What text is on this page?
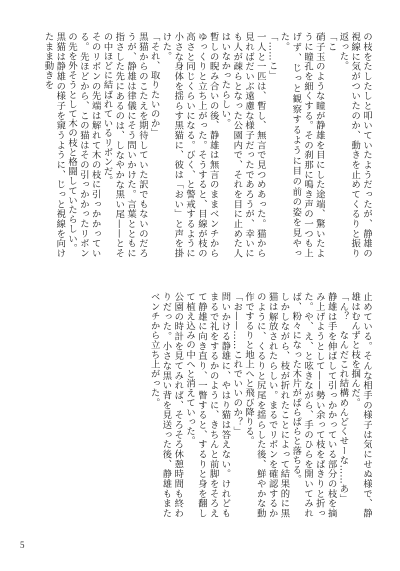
の枝をたしたしと叩いていたようだったが、静雄の視線に気がついたのか、動きを止めてくるりと振り返った。

「こ

硝子玉のような瞳が静雄を目にした途端、驚いたように瞳孔を細くする。その刹那に鳴き声の一つも上げず、じっと観察するように目の前の姿を見やった。

「……こ」

一人と一匹は、暫し、無言で見つめあった。猫から見ればだいぶ遠慮な様子だったであろうが、幸いにも人が疎らとなった公園内で、それを目に止めた人はいなかったらしい。

暫しの睨み合いの後、静雄は無言のままベンチからゆっくりと立ち上がった。そうすると、目線が枝の高さと同じくらいになる。びく、と警戒するように小さな身体を揺らす黒猫に、彼は「おい」と声を掛けた。

「それ、取りたいのか」

黒猫からのこたえを期待していた訳でもないのだろうが、静雄は律儀にそう問いかけた。言葉とともに指さした先にあるのは、しなやかな黒い尾——とその中ほどに結ばれているリボンだ。

そのリボンの先端は解れて木の枝に引っかかっている。先ほどから、この猫はその引っかかったリボンの先を外そうとして木の枝と格闘していたらしい。

黒猫は静雄の様子を窺うように、じっと視線を向けたまま動きを

止めている。そんな相手の様子は気にせぬ様で、静雄はむんずと枝を掴んだ。

「ん？　なんだこれ結構めんどくせーな……あ」

静雄は手を伸ばして引っかかっている部分の枝を摘み上げようとして——勢い余って枝をばきりと折った。や、え、と呟きながら、手のひらを開いてみれば、粉々になった木片がぱらぱらと落ちる。

しかしながら、枝が折れたことによって結果的に黒猫は解放されたらしい。まるでリボンを確認するかのように、くるりと尻尾を揺らした後、鮮やかな動作でするりと地上へと飛び降りる。

「お——……これでいいのか？」

問いかける静雄に、やはり猫は答えない。けれどもまるで礼をするかのように、きちんと前脚をそろえて静雄に向き直り、一瞥すると、するりと身を翻して植え込みの中へと消えていった。

公園の時計を見てみれば、そろそろ休憩時間も終わりだった。小さな黒い背を見送った後、静雄もまたベンチから立ち上がった。

5
